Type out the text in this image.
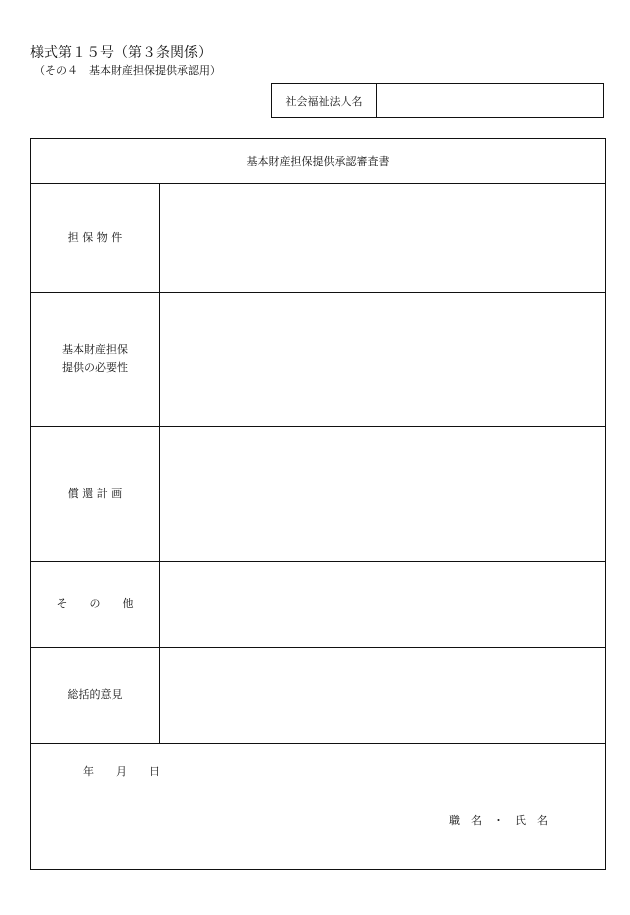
様式第１５号（第３条関係）
（その４　基本財産担保提供承認用）
社会福祉法人名
基本財産担保提供承認審査書
担 保 物 件
基本財産担保
提供の必要性
償 還 計 画
そ　　の　　他
総括的意見
年　　月　　日
職　名　・　氏　名
